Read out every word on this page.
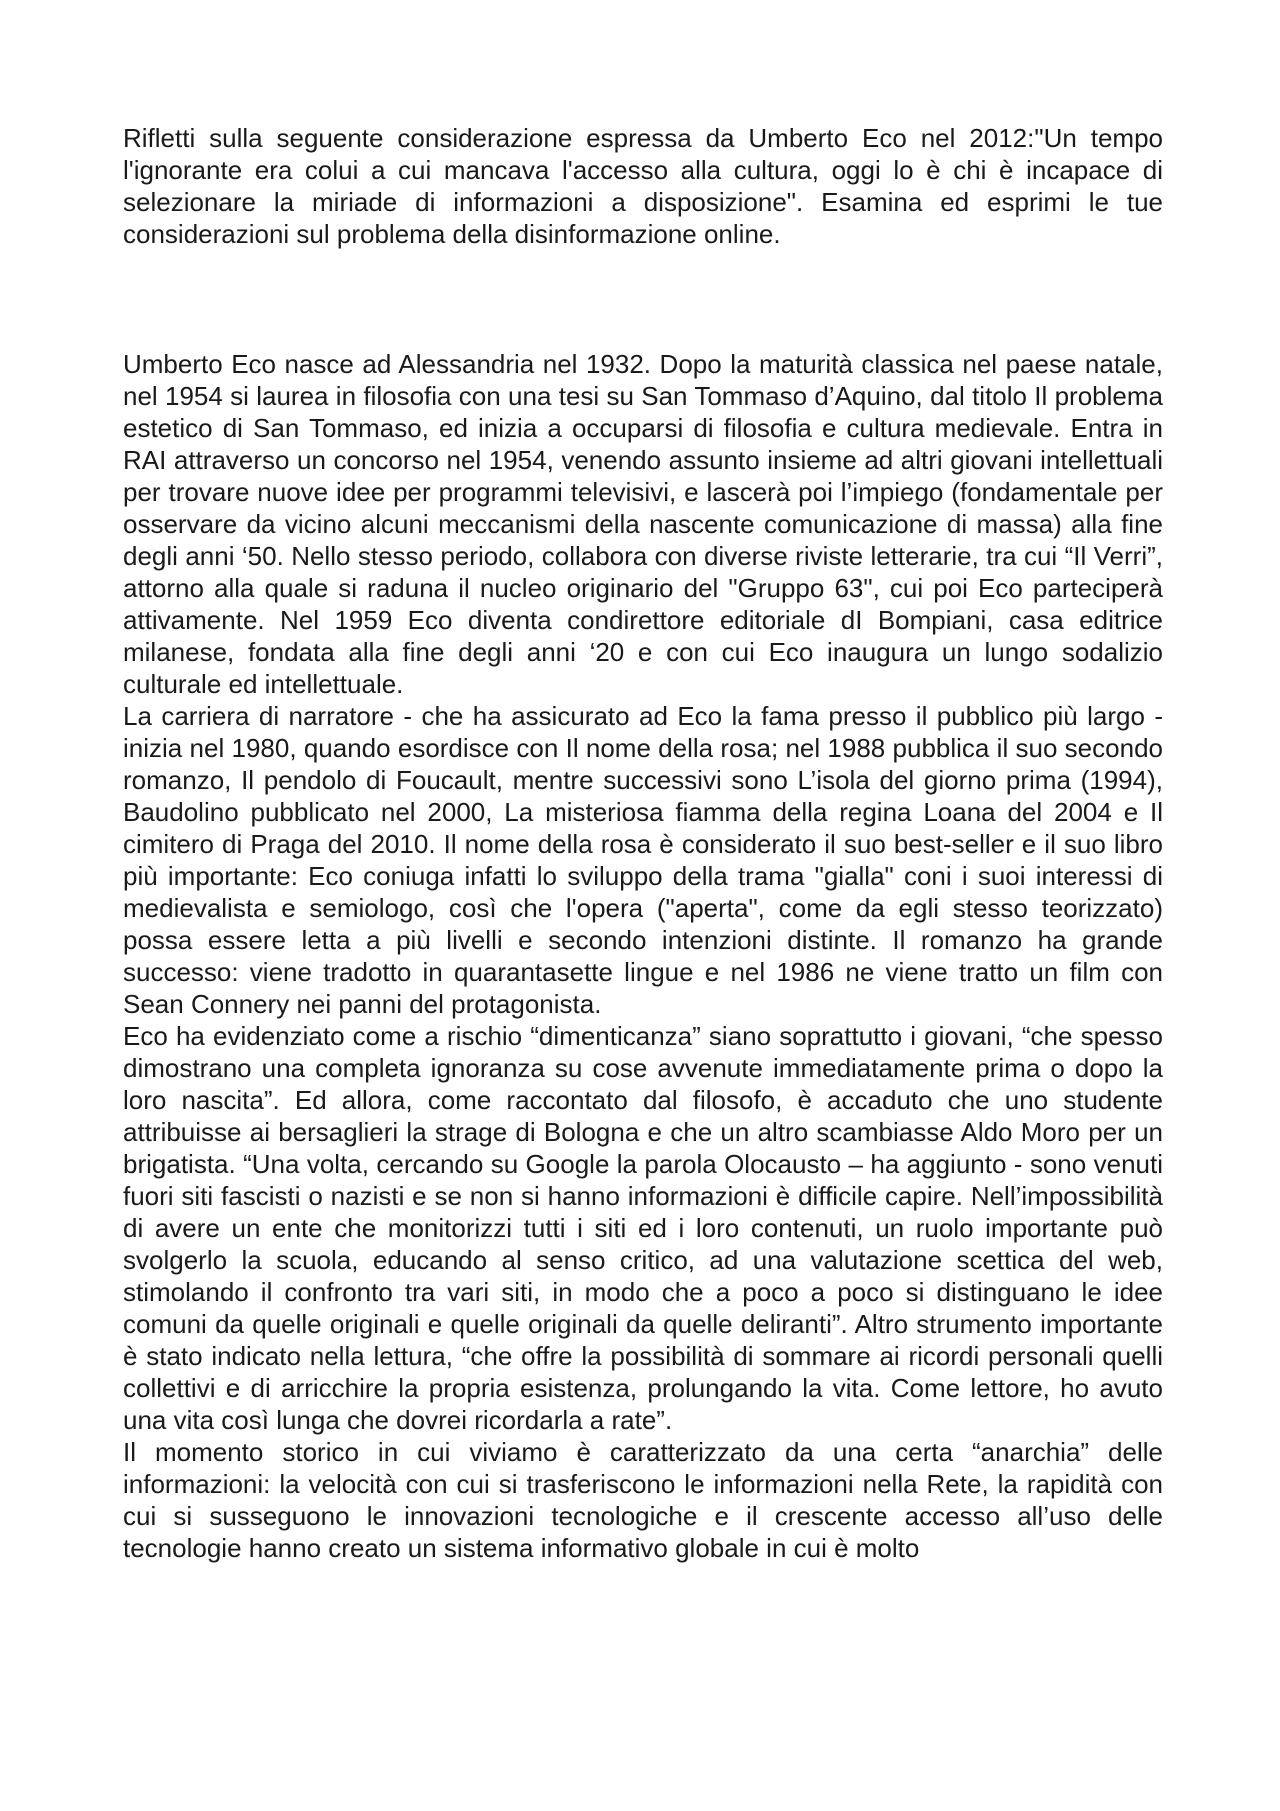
Rifletti sulla seguente considerazione espressa da Umberto Eco nel 2012:"Un tempo l'ignorante era colui a cui mancava l'accesso alla cultura, oggi lo è chi è incapace di selezionare la miriade di informazioni a disposizione". Esamina ed esprimi le tue considerazioni sul problema della disinformazione online.

Umberto Eco nasce ad Alessandria nel 1932. Dopo la maturità classica nel paese natale, nel 1954 si laurea in filosofia con una tesi su San Tommaso d’Aquino, dal titolo Il problema estetico di San Tommaso, ed inizia a occuparsi di filosofia e cultura medievale. Entra in RAI attraverso un concorso nel 1954, venendo assunto insieme ad altri giovani intellettuali per trovare nuove idee per programmi televisivi, e lascerà poi l’impiego (fondamentale per osservare da vicino alcuni meccanismi della nascente comunicazione di massa) alla fine degli anni ‘50. Nello stesso periodo, collabora con diverse riviste letterarie, tra cui “Il Verri”, attorno alla quale si raduna il nucleo originario del "Gruppo 63", cui poi Eco parteciperà attivamente. Nel 1959 Eco diventa condirettore editoriale dI Bompiani, casa editrice milanese, fondata alla fine degli anni ‘20 e con cui Eco inaugura un lungo sodalizio culturale ed intellettuale.

La carriera di narratore - che ha assicurato ad Eco la fama presso il pubblico più largo - inizia nel 1980, quando esordisce con Il nome della rosa; nel 1988 pubblica il suo secondo romanzo, Il pendolo di Foucault, mentre successivi sono L’isola del giorno prima (1994), Baudolino pubblicato nel 2000, La misteriosa fiamma della regina Loana del 2004 e Il cimitero di Praga del 2010. Il nome della rosa è considerato il suo best-seller e il suo libro più importante: Eco coniuga infatti lo sviluppo della trama "gialla" coni i suoi interessi di medievalista e semiologo, così che l'opera ("aperta", come da egli stesso teorizzato) possa essere letta a più livelli e secondo intenzioni distinte. Il romanzo ha grande successo: viene tradotto in quarantasette lingue e nel 1986 ne viene tratto un film con Sean Connery nei panni del protagonista.

Eco ha evidenziato come a rischio “dimenticanza” siano soprattutto i giovani, “che spesso dimostrano una completa ignoranza su cose avvenute immediatamente prima o dopo la loro nascita”. Ed allora, come raccontato dal filosofo, è accaduto che uno studente attribuisse ai bersaglieri la strage di Bologna e che un altro scambiasse Aldo Moro per un brigatista. “Una volta, cercando su Google la parola Olocausto – ha aggiunto - sono venuti fuori siti fascisti o nazisti e se non si hanno informazioni è difficile capire. Nell’impossibilità di avere un ente che monitorizzi tutti i siti ed i loro contenuti, un ruolo importante può svolgerlo la scuola, educando al senso critico, ad una valutazione scettica del web, stimolando il confronto tra vari siti, in modo che a poco a poco si distinguano le idee comuni da quelle originali e quelle originali da quelle deliranti”. Altro strumento importante è stato indicato nella lettura, “che offre la possibilità di sommare ai ricordi personali quelli collettivi e di arricchire la propria esistenza, prolungando la vita. Come lettore, ho avuto una vita così lunga che dovrei ricordarla a rate”.

Il momento storico in cui viviamo è caratterizzato da una certa “anarchia” delle informazioni: la velocità con cui si trasferiscono le informazioni nella Rete, la rapidità con cui si susseguono le innovazioni tecnologiche e il crescente accesso all’uso delle tecnologie hanno creato un sistema informativo globale in cui è molto
